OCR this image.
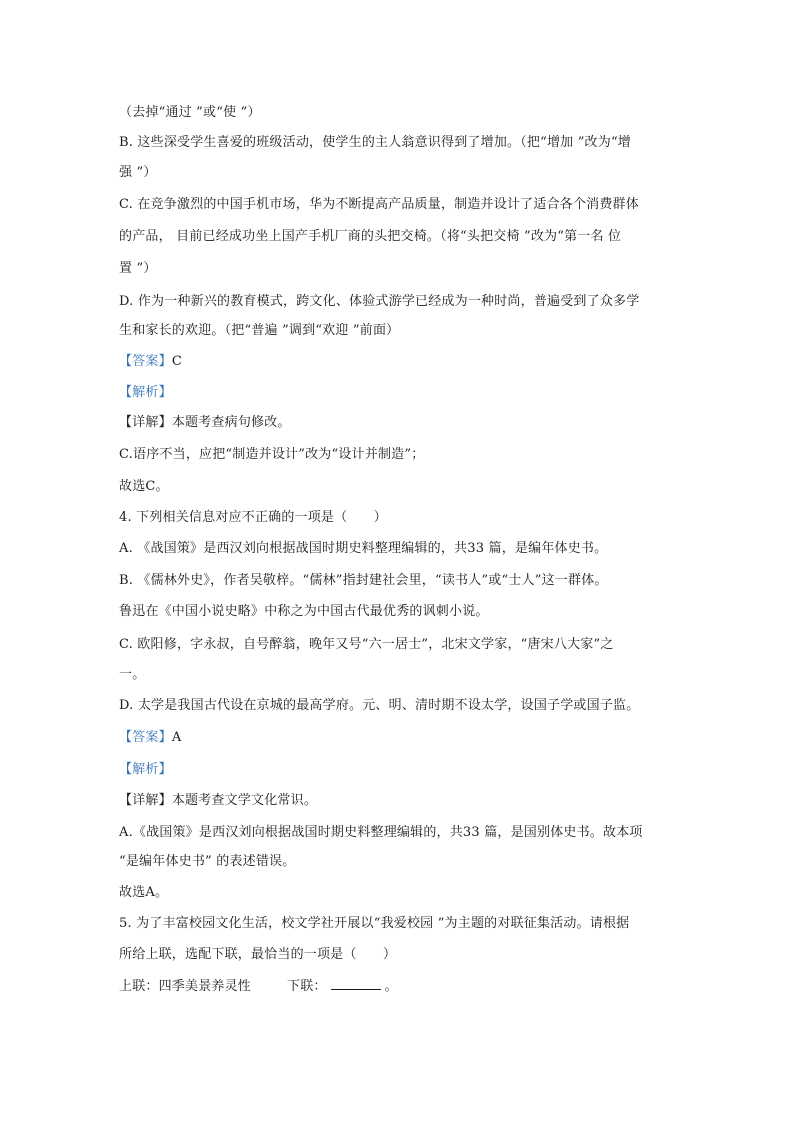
（去掉“通过 ”或“使 ”）
B. 这些深受学生喜爱的班级活动，使学生的主人翁意识得到了增加。（把“增加 ”改为“增
强 ”）
C. 在竞争激烈的中国手机市场，华为不断提高产品质量，制造并设计了适合各个消费群体
的产品， 目前已经成功坐上国产手机厂商的头把交椅。（将“头把交椅 ”改为“第一名 位
置 ”）
D. 作为一种新兴的教育模式，跨文化、体验式游学已经成为一种时尚，普遍受到了众多学
生和家长的欢迎。（把“普遍 ”调到“欢迎 ”前面）
【答案】C
【解析】
【详解】本题考查病句修改。
C.语序不当，应把“制造并设计”改为“设计并制造”；
故选C。
4. 下列相关信息对应不正确的一项是（　　）
A. 《战国策》是西汉刘向根据战国时期史料整理编辑的，共33 篇，是编年体史书。
B. 《儒林外史》，作者吴敬梓。“儒林”指封建社会里，“读书人”或“士人”这一群体。
鲁迅在《中国小说史略》中称之为中国古代最优秀的讽刺小说。
C. 欧阳修，字永叔，自号醉翁，晚年又号“六一居士”，北宋文学家，“唐宋八大家”之
一。
D. 太学是我国古代设在京城的最高学府。元、明、清时期不设太学，设国子学或国子监。
【答案】A
【解析】
【详解】本题考查文学文化常识。
A.《战国策》是西汉刘向根据战国时期史料整理编辑的，共33 篇，是国别体史书。故本项
“是编年体史书” 的表述错误。
故选A。
5. 为了丰富校园文化生活，校文学社开展以“我爱校园 ”为主题的对联征集活动。请根据
所给上联，选配下联，最恰当的一项是（　　）
上联：四季美景养灵性	下联：	。
